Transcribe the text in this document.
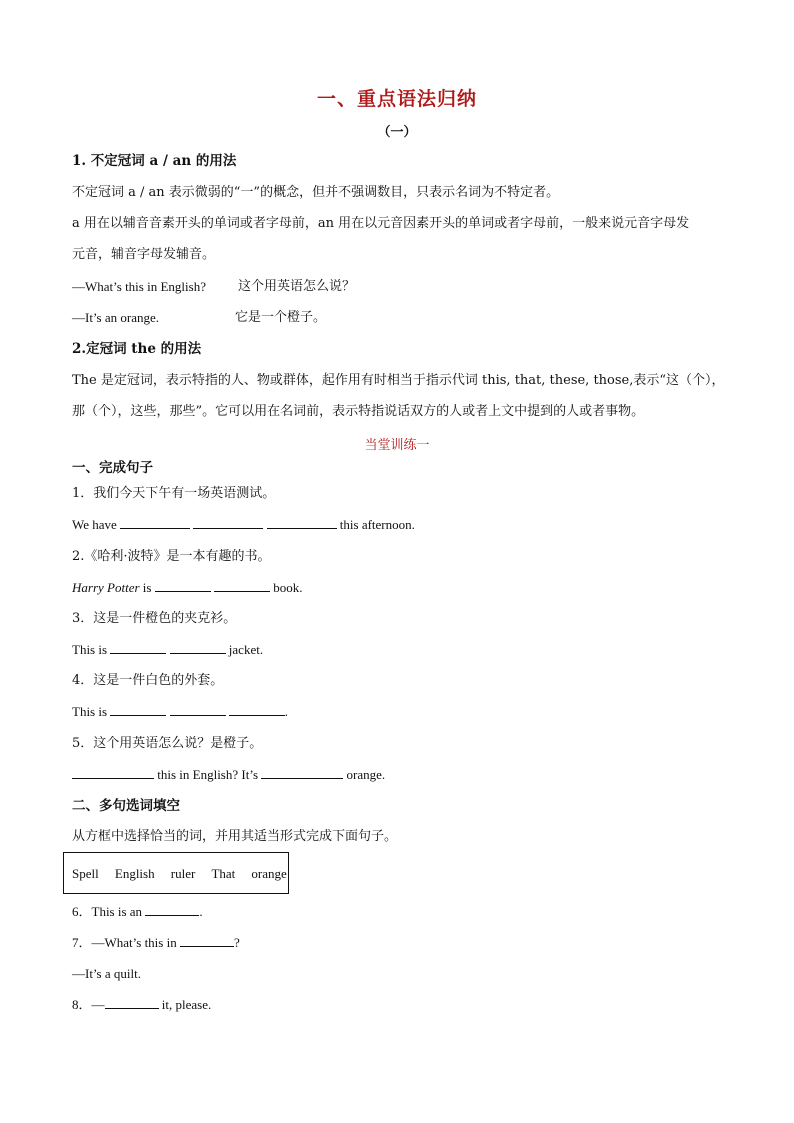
一、重点语法归纳
（一）
1. 不定冠词 a / an 的用法
不定冠词 a / an 表示微弱的“一”的概念，但并不强调数目，只表示名词为不特定者。
a 用在以辅音音素开头的单词或者字母前，an 用在以元音因素开头的单词或者字母前，一般来说元音字母发
元音，辅音字母发辅音。
—What’s this in English? 这个用英语怎么说？
—It’s an orange.	它是一个橙子。
2.定冠词 the 的用法
The 是定冠词，表示特指的人、物或群体，起作用有时相当于指示代词 this, that, these, those,表示“这（个），
那（个），这些，那些”。它可以用在名词前，表示特指说话双方的人或者上文中提到的人或者事物。
当堂训练一
一、完成句子
1．我们今天下午有一场英语测试。
We have	this afternoon.
2.《哈利·波特》是一本有趣的书。
Harry Potter is	book.
3．这是一件橙色的夹克衫。
This is	jacket.
4．这是一件白色的外套。
This is	.
5．这个用英语怎么说？是橙子。
this in English? It’s	orange.
二、多句选词填空
从方框中选择恰当的词，并用其适当形式完成下面句子。
Spell English ruler That orange
6．This is an	.
7．—What’s this in	?
—It’s a quilt.
8．—	it, please.
